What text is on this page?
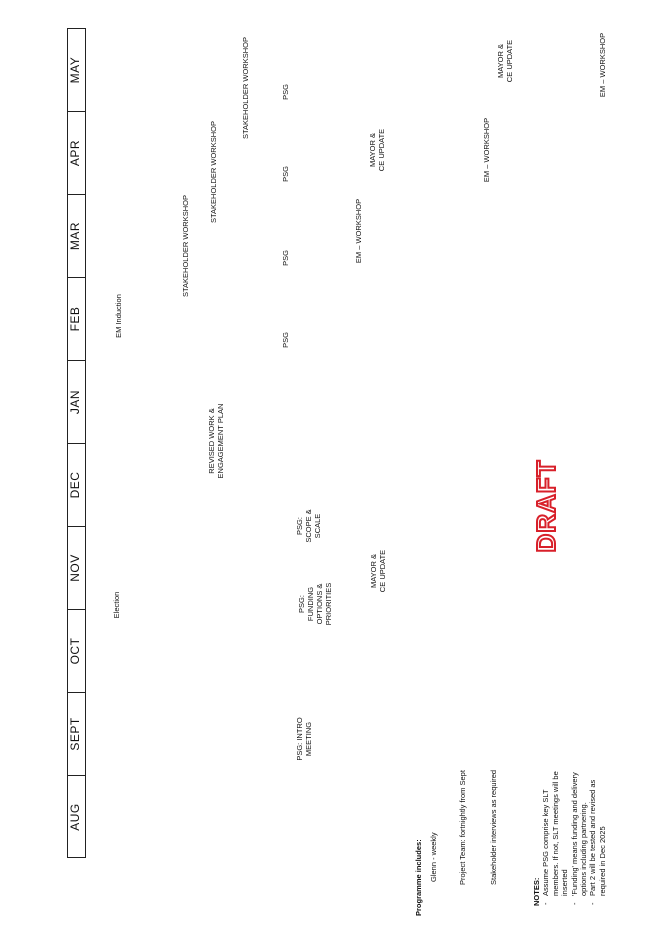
AUG
SEPT
OCT
NOV
DEC
JAN
FEB
MAR
APR
MAY
EM Induction
Election
STAKEHOLDER WORKSHOP
STAKEHOLDER WORKSHOP
STAKEHOLDER WORKSHOP
REVISED WORK &
ENGAGEMENT PLAN
PSG: INTRO
MEETING
PSG:
FUNDING
OPTIONS &
PRIORITIES
PSG:
SCOPE &
SCALE
PSG
PSG
PSG
PSG
EM – WORKSHOP
EM – WORKSHOP
EM – WORKSHOP
MAYOR &
CE UPDATE
MAYOR &
CE UPDATE
MAYOR &
CE UPDATE
DRAFT
Programme includes: Glenn - weekly	Project Team: fortnightly from Sept	Stakeholder interviews as required
NOTES: - Assume PSG comprise key SLT members. If not, SLT meetings will be inserted - 'Funding' means funding and delivery options including partnering. - Part 2 will be tested and revised as required in Dec 2025
